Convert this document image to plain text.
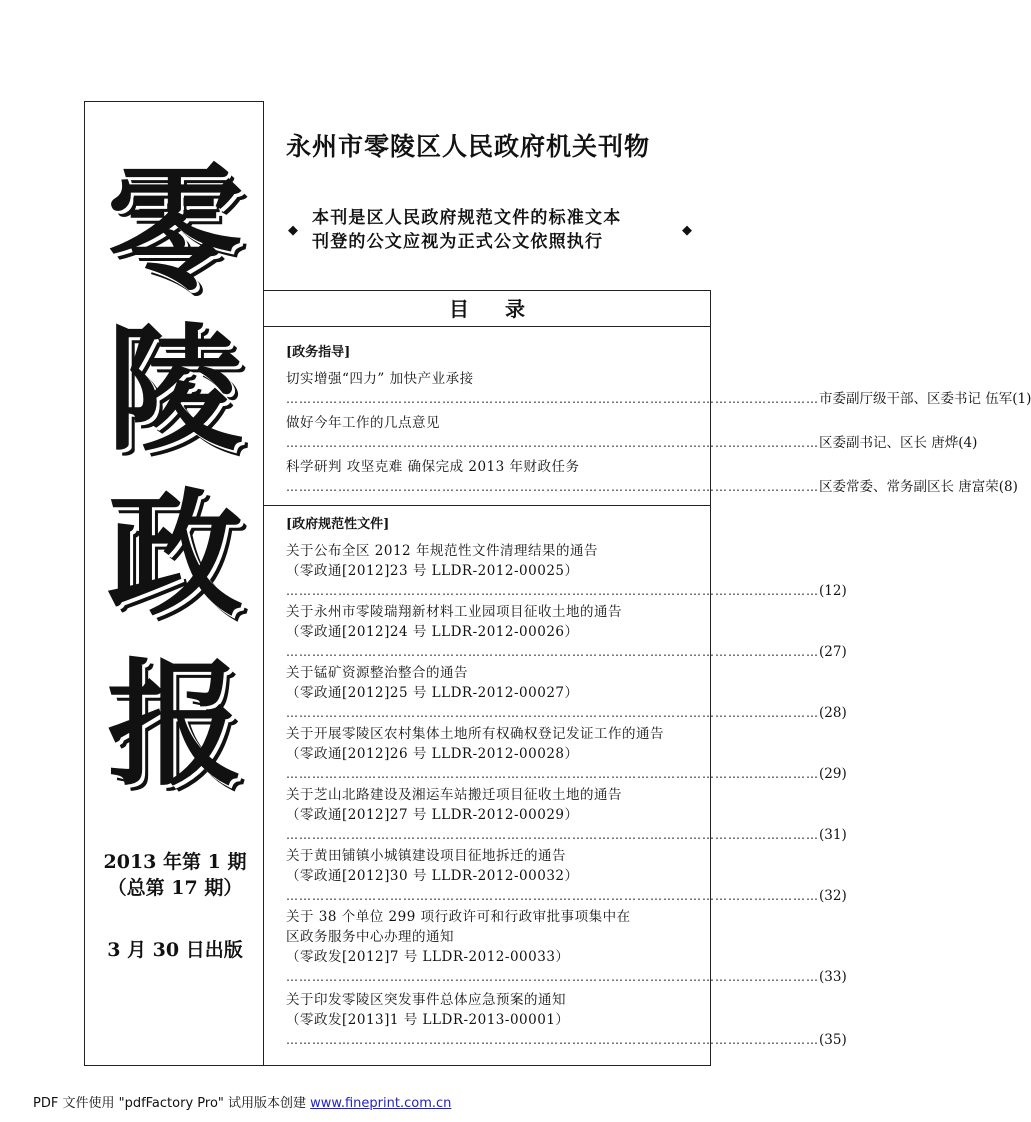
零
陵
政
报
2013 年第 1 期
（总第 17 期）
3 月 30 日出版
永州市零陵区人民政府机关刊物
◆
本刊是区人民政府规范文件的标准文本
刊登的公文应视为正式公文依照执行
◆
目录
[政务指导]
切实增强“四力” 加快产业承接
…………………………………………………………………………………………………………… 市委副厅级干部、区委书记 伍军(1)
做好今年工作的几点意见
…………………………………………………………………………………………………………… 区委副书记、区长 唐烨(4)
科学研判 攻坚克难 确保完成 2013 年财政任务
…………………………………………………………………………………………………………… 区委常委、常务副区长 唐富荣(8)
[政府规范性文件]
关于公布全区 2012 年规范性文件清理结果的通告
（零政通[2012]23 号 LLDR-2012-00025）
…………………………………………………………………………………………………………… (12)
关于永州市零陵瑞翔新材料工业园项目征收土地的通告
（零政通[2012]24 号 LLDR-2012-00026）
…………………………………………………………………………………………………………… (27)
关于锰矿资源整治整合的通告
（零政通[2012]25 号 LLDR-2012-00027）
…………………………………………………………………………………………………………… (28)
关于开展零陵区农村集体土地所有权确权登记发证工作的通告
（零政通[2012]26 号 LLDR-2012-00028）
…………………………………………………………………………………………………………… (29)
关于芝山北路建设及湘运车站搬迁项目征收土地的通告
（零政通[2012]27 号 LLDR-2012-00029）
…………………………………………………………………………………………………………… (31)
关于黄田铺镇小城镇建设项目征地拆迁的通告
（零政通[2012]30 号 LLDR-2012-00032）
…………………………………………………………………………………………………………… (32)
关于 38 个单位 299 项行政许可和行政审批事项集中在
区政务服务中心办理的通知
（零政发[2012]7 号 LLDR-2012-00033）
…………………………………………………………………………………………………………… (33)
关于印发零陵区突发事件总体应急预案的通知
（零政发[2013]1 号 LLDR-2013-00001）
…………………………………………………………………………………………………………… (35)
PDF 文件使用 "pdfFactory Pro" 试用版本创建 www.fineprint.com.cn
